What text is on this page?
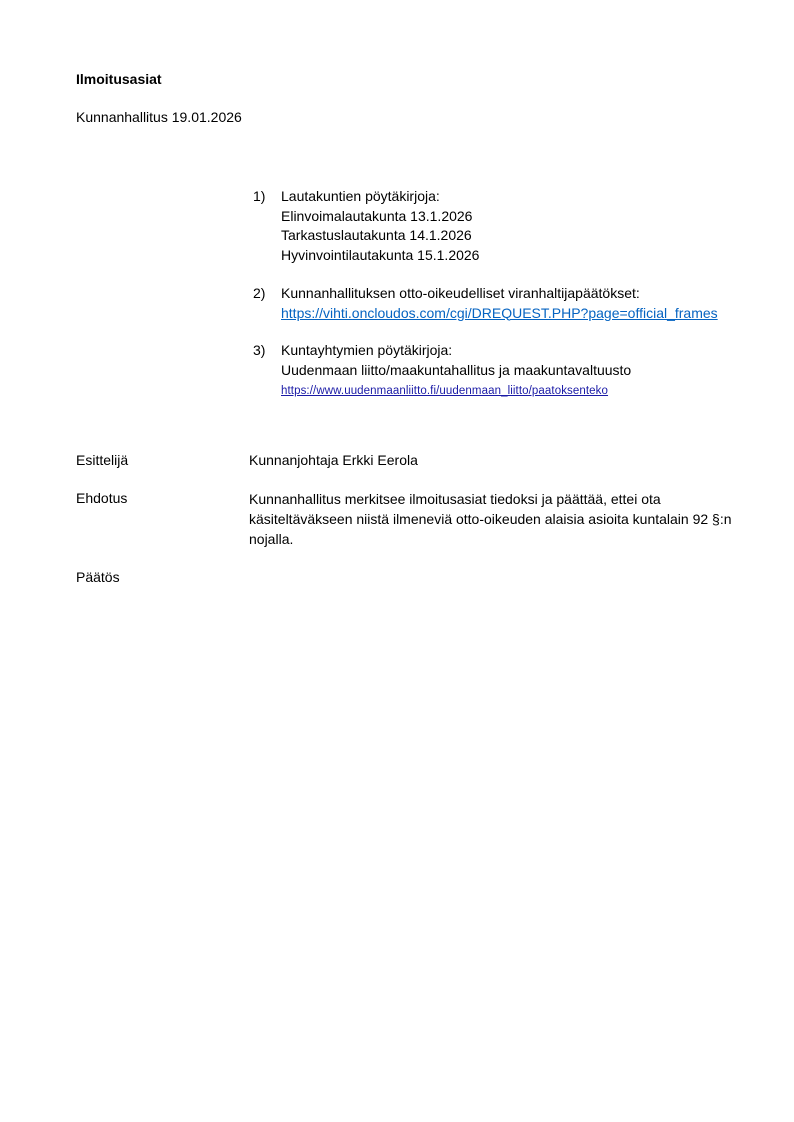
Ilmoitusasiat
Kunnanhallitus 19.01.2026
1)	Lautakuntien pöytäkirjoja:
Elinvoimalautakunta 13.1.2026
Tarkastuslautakunta 14.1.2026
Hyvinvointilautakunta 15.1.2026
2)	Kunnanhallituksen otto-oikeudelliset viranhaltijapäätökset:
https://vihti.oncloudos.com/cgi/DREQUEST.PHP?page=official_frames
3)	Kuntayhtymien pöytäkirjoja:
Uudenmaan liitto/maakuntahallitus ja maakuntavaltuusto
https://www.uudenmaanliitto.fi/uudenmaan_liitto/paatoksenteko
Esittelijä	Kunnanjohtaja Erkki Eerola
Ehdotus	Kunnanhallitus merkitsee ilmoitusasiat tiedoksi ja päättää, ettei ota käsiteltäväkseen niistä ilmeneviä otto-oikeuden alaisia asioita kuntalain 92 §:n nojalla.
Päätös
